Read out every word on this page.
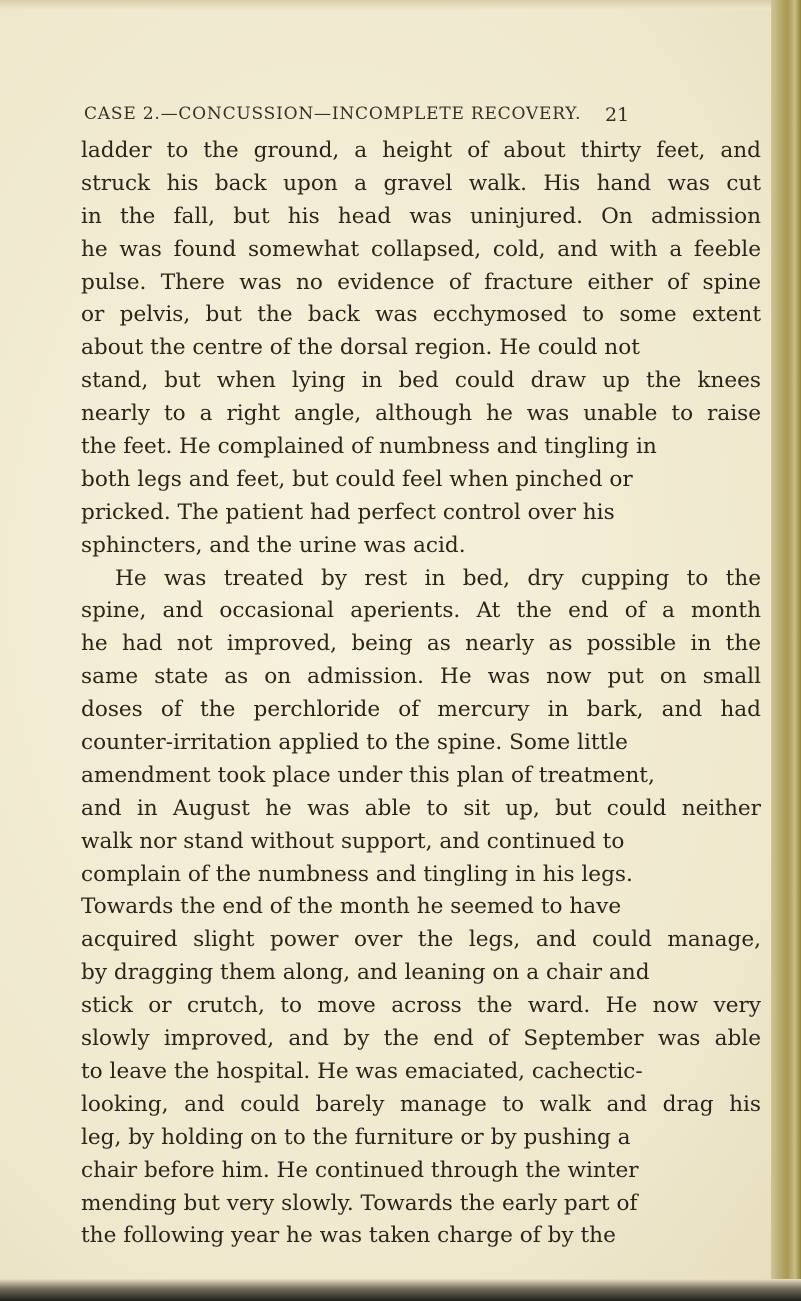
CASE 2.—CONCUSSION—INCOMPLETE RECOVERY.	21
ladder to the ground, a height of about thirty feet, and
struck his back upon a gravel walk. His hand was cut
in the fall, but his head was uninjured. On admission
he was found somewhat collapsed, cold, and with a feeble
pulse. There was no evidence of fracture either of spine
or pelvis, but the back was ecchymosed to some extent
about the centre of the dorsal region. He could not
stand, but when lying in bed could draw up the knees
nearly to a right angle, although he was unable to raise
the feet. He complained of numbness and tingling in
both legs and feet, but could feel when pinched or
pricked. The patient had perfect control over his
sphincters, and the urine was acid.
He was treated by rest in bed, dry cupping to the
spine, and occasional aperients. At the end of a month
he had not improved, being as nearly as possible in the
same state as on admission. He was now put on small
doses of the perchloride of mercury in bark, and had
counter-irritation applied to the spine. Some little
amendment took place under this plan of treatment,
and in August he was able to sit up, but could neither
walk nor stand without support, and continued to
complain of the numbness and tingling in his legs.
Towards the end of the month he seemed to have
acquired slight power over the legs, and could manage,
by dragging them along, and leaning on a chair and
stick or crutch, to move across the ward. He now very
slowly improved, and by the end of September was able
to leave the hospital. He was emaciated, cachectic-
looking, and could barely manage to walk and drag his
leg, by holding on to the furniture or by pushing a
chair before him. He continued through the winter
mending but very slowly. Towards the early part of
the following year he was taken charge of by the
